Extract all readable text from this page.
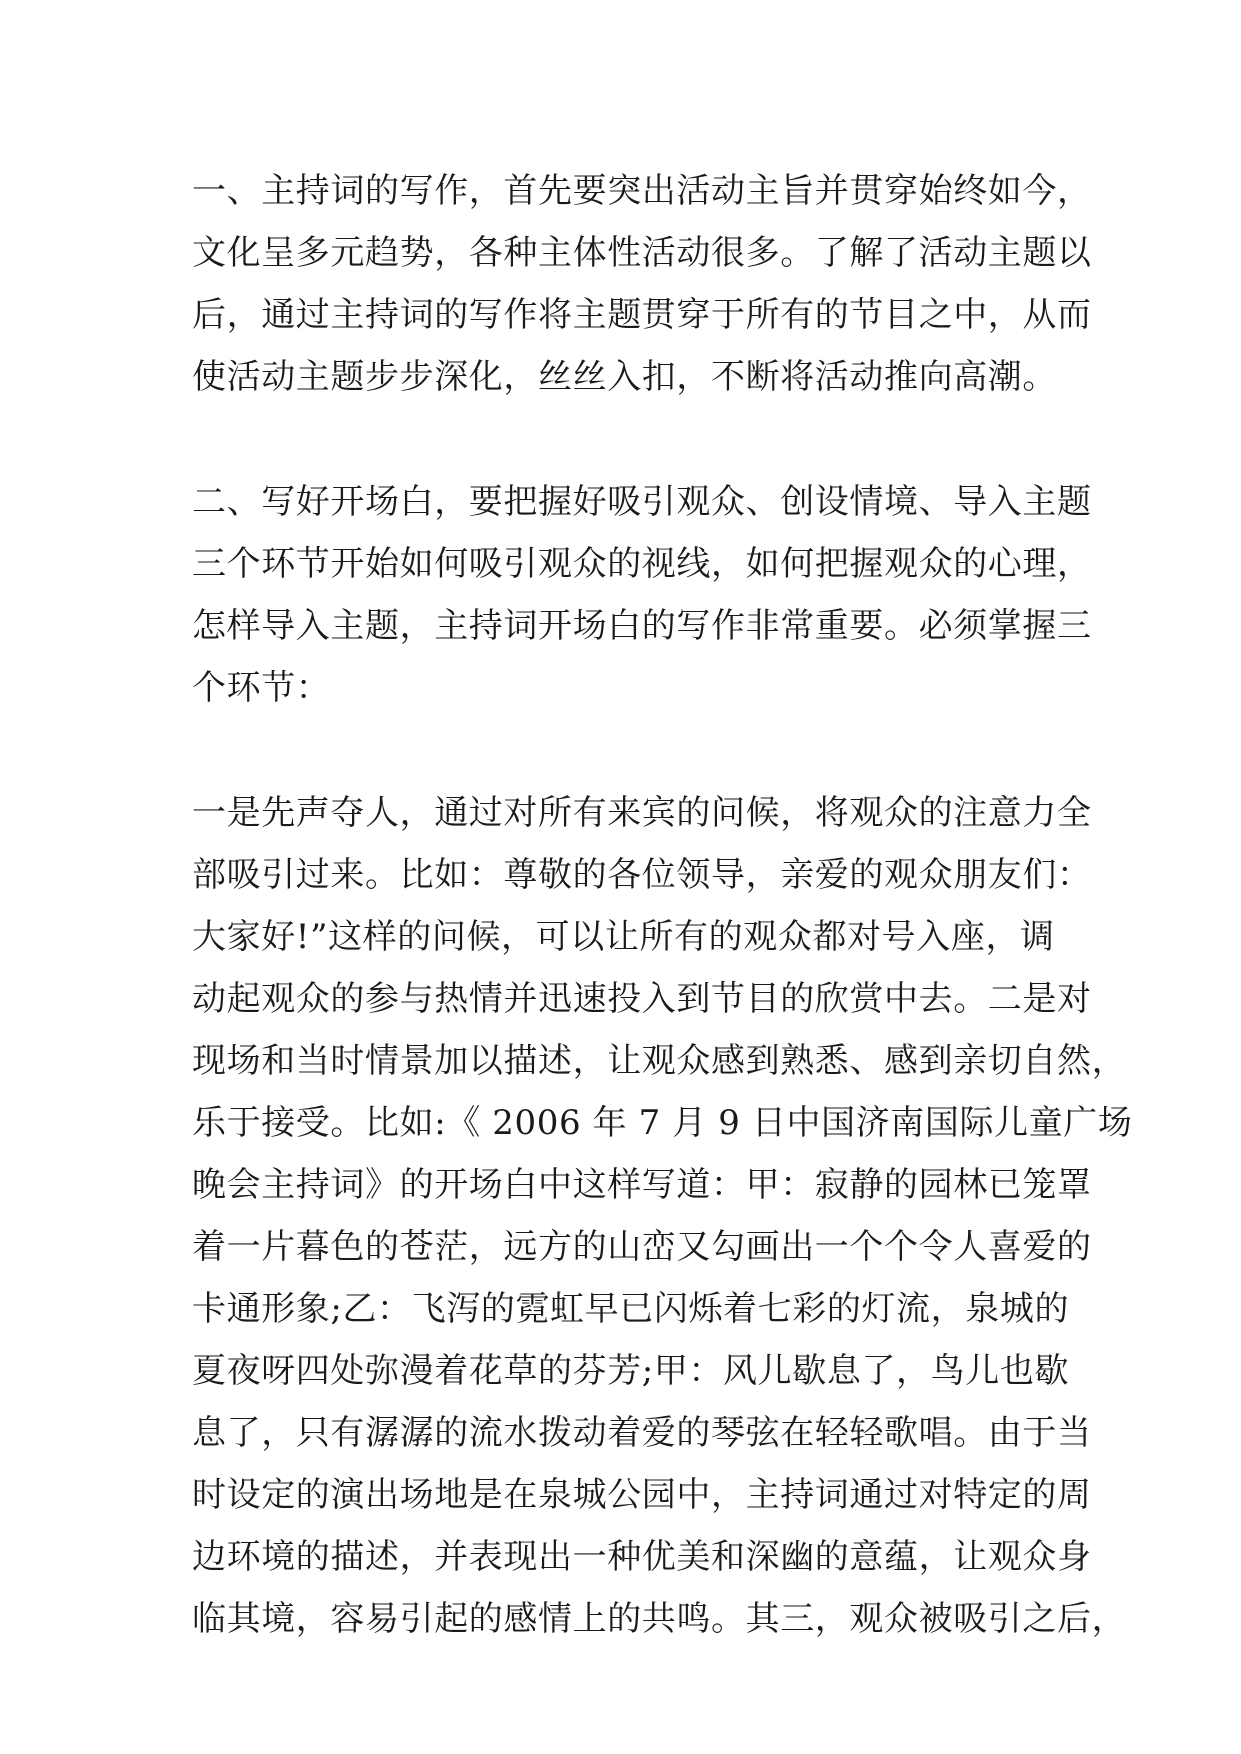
一、主持词的写作，首先要突出活动主旨并贯穿始终如今，
文化呈多元趋势，各种主体性活动很多。了解了活动主题以
后，通过主持词的写作将主题贯穿于所有的节目之中，从而
使活动主题步步深化，丝丝入扣，不断将活动推向高潮。

二、写好开场白，要把握好吸引观众、创设情境、导入主题
三个环节开始如何吸引观众的视线，如何把握观众的心理，
怎样导入主题，主持词开场白的写作非常重要。必须掌握三
个环节：

一是先声夺人，通过对所有来宾的问候，将观众的注意力全
部吸引过来。比如：尊敬的各位领导，亲爱的观众朋友们：
大家好!”这样的问候，可以让所有的观众都对号入座，调
动起观众的参与热情并迅速投入到节目的欣赏中去。二是对
现场和当时情景加以描述，让观众感到熟悉、感到亲切自然，
乐于接受。比如:《 2006 年 7 月 9 日中国济南国际儿童广场
晚会主持词》的开场白中这样写道：甲：寂静的园林已笼罩
着一片暮色的苍茫，远方的山峦又勾画出一个个令人喜爱的
卡通形象;乙：飞泻的霓虹早已闪烁着七彩的灯流，泉城的
夏夜呀四处弥漫着花草的芬芳;甲：风儿歇息了，鸟儿也歇
息了，只有潺潺的流水拨动着爱的琴弦在轻轻歌唱。由于当
时设定的演出场地是在泉城公园中，主持词通过对特定的周
边环境的描述，并表现出一种优美和深幽的意蕴，让观众身
临其境，容易引起的感情上的共鸣。其三，观众被吸引之后，
